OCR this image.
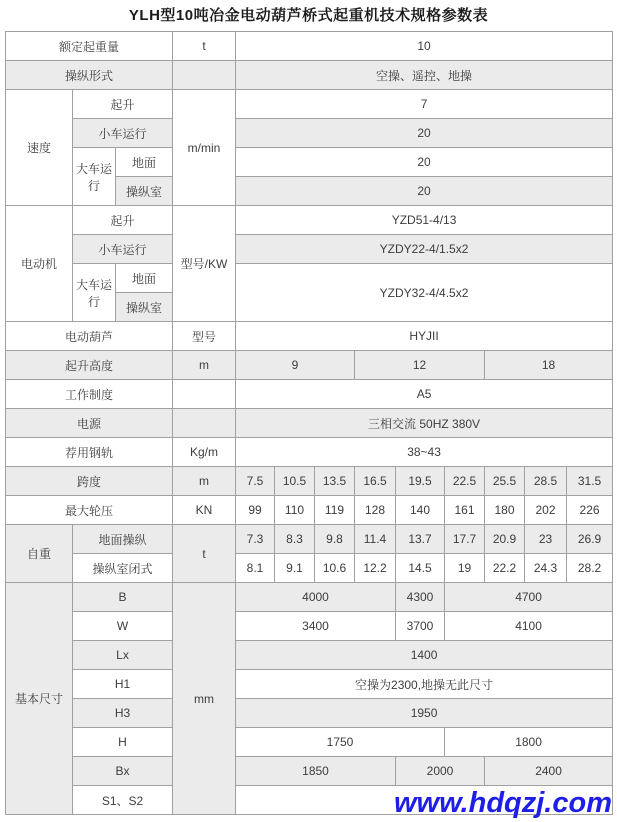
YLH型10吨冶金电动葫芦桥式起重机技术规格参数表
额定起重量			t	10								
操纵形式				空操、遥控、地操								
速度	起升		m/min	7								
	小车运行			20								
	大车运行	地面		20								
		操纵室		20								
电动机	起升		型号/KW	YZD51-4/13								
	小车运行			YZDY22-4/1.5x2								
	大车运行	地面		YZDY32-4/4.5x2								
		操纵室										
电动葫芦			型号	HYJII								
起升高度			m	9			12			18		
工作制度				A5								
电源				三相交流 50HZ 380V								
荐用钢轨			Kg/m	38~43								
跨度			m	7.5	10.5	13.5	16.5	19.5	22.5	25.5	28.5	31.5
最大轮压			KN	99	110	119	128	140	161	180	202	226
自重	地面操纵		t	7.3	8.3	9.8	11.4	13.7	17.7	20.9	23	26.9
	操纵室闭式			8.1	9.1	10.6	12.2	14.5	19	22.2	24.3	28.2
基本尺寸	B		mm	4000				4300	4700			
	W			3400				3700	4100			
	Lx			1400								
	H1			空操为2300,地操无此尺寸								
	H3			1950								
	H			1750					1800			
	Bx			1850				2000		2400		
	S1、S2												www.hdqzj.com
